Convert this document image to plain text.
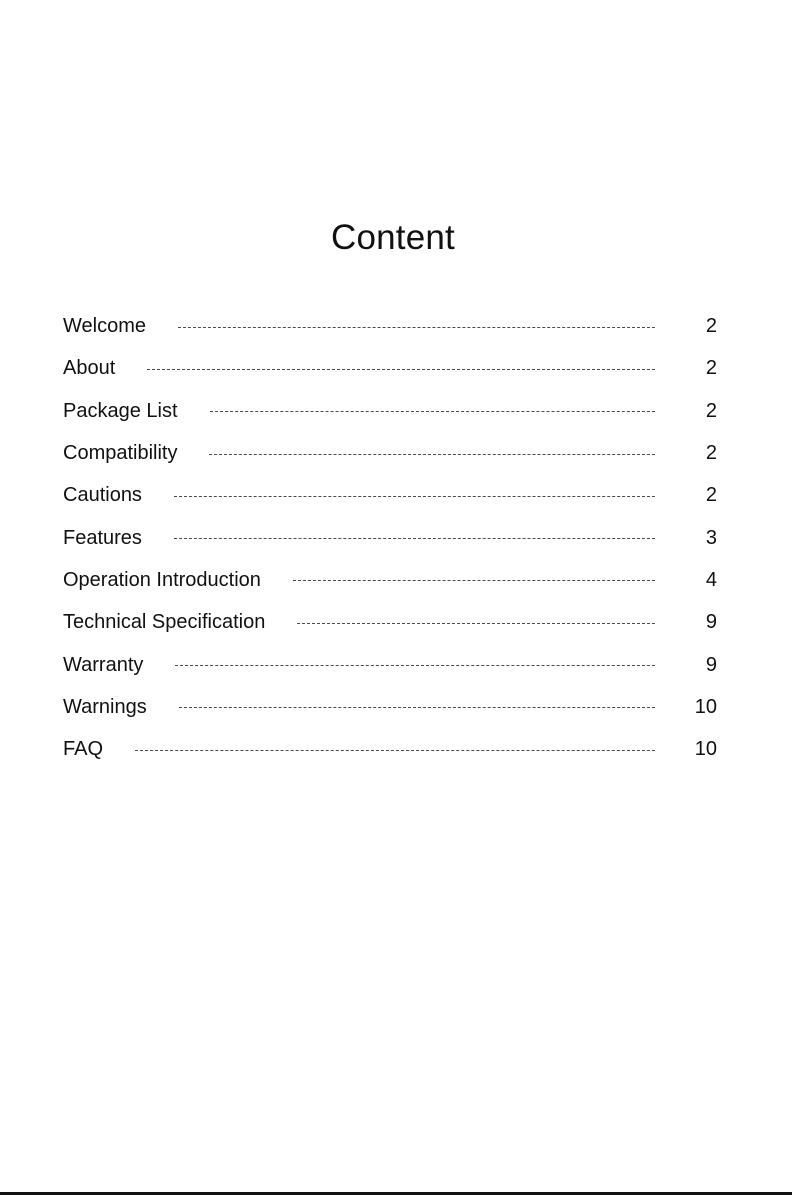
Content
Welcome	2
About	2
Package List	2
Compatibility	2
Cautions	2
Features	3
Operation Introduction	4
Technical Specification	9
Warranty	9
Warnings	10
FAQ	10
